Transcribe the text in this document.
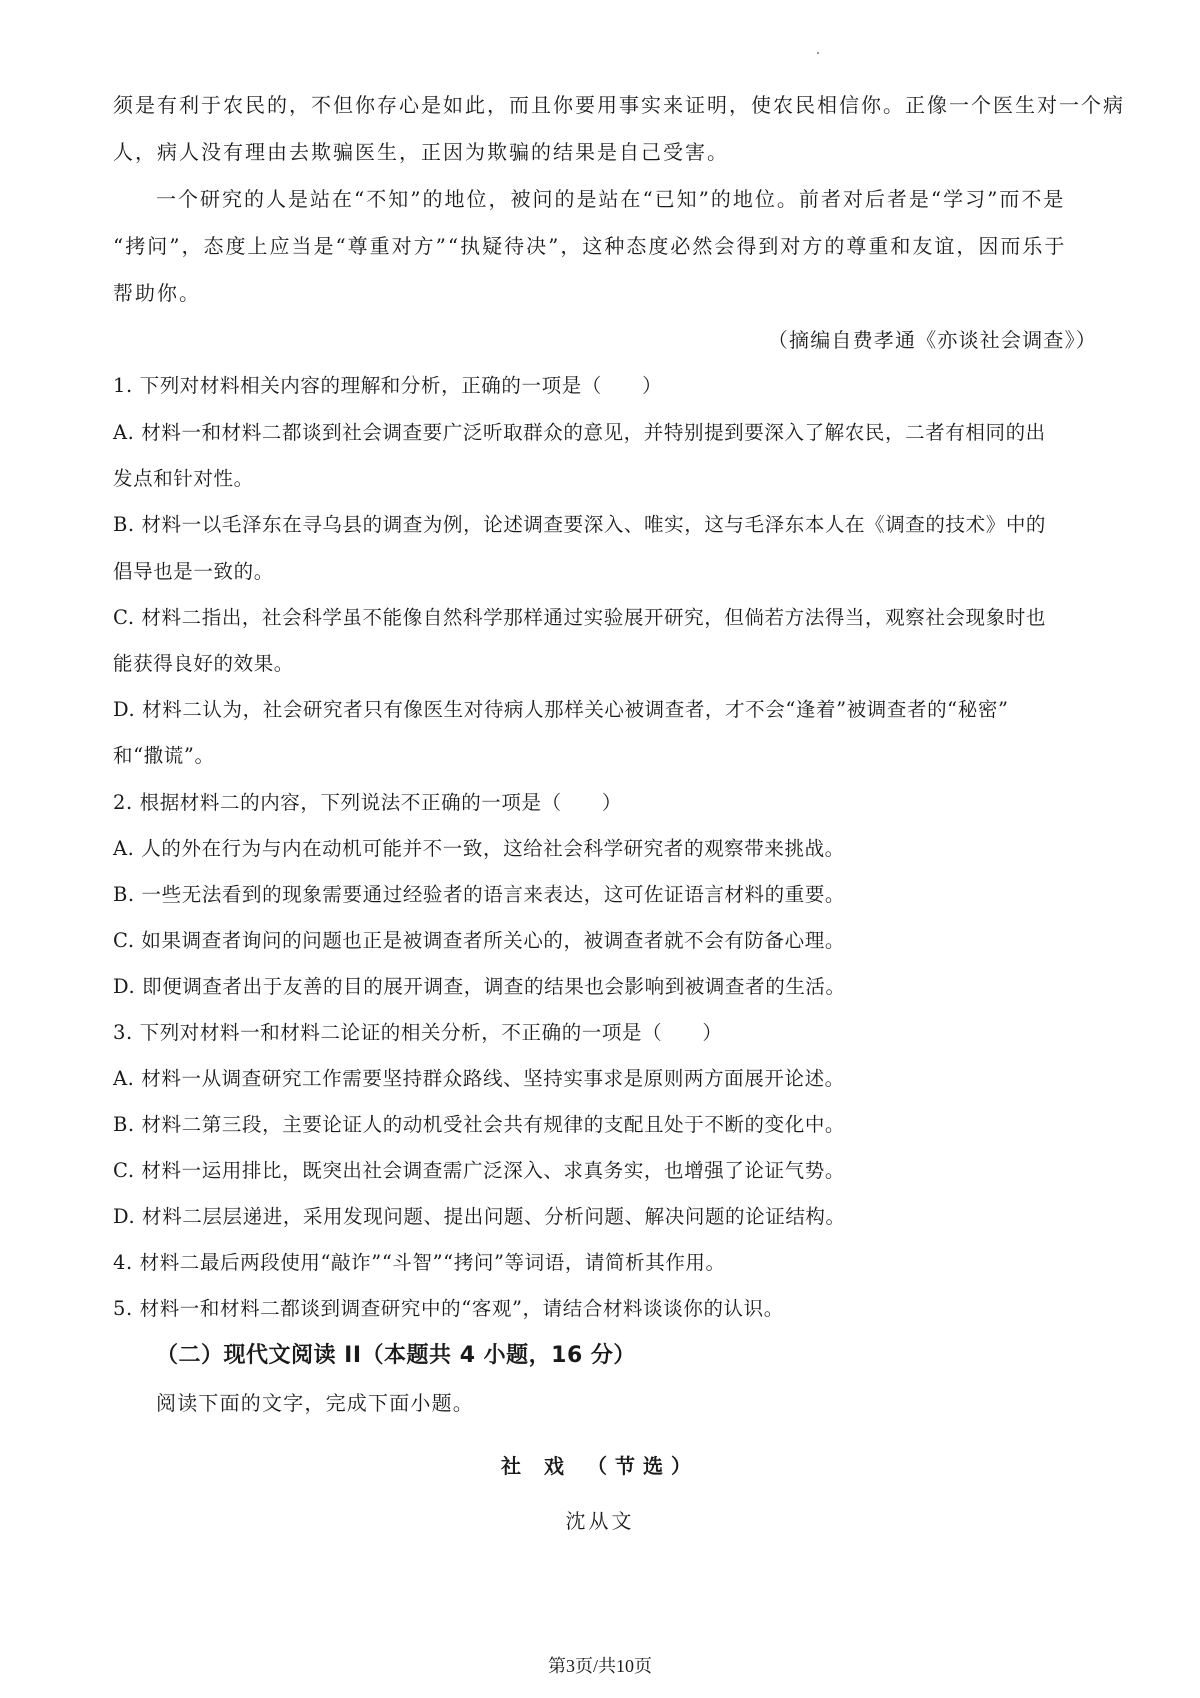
须是有利于农民的，不但你存心是如此，而且你要用事实来证明，使农民相信你。正像一个医生对一个病
人，病人没有理由去欺骗医生，正因为欺骗的结果是自己受害。
一个研究的人是站在“不知”的地位，被问的是站在“已知”的地位。前者对后者是“学习”而不是
“拷问”，态度上应当是“尊重对方”“执疑待决”，这种态度必然会得到对方的尊重和友谊，因而乐于
帮助你。
（摘编自费孝通《亦谈社会调查》）
1. 下列对材料相关内容的理解和分析，正确的一项是（　　）
A. 材料一和材料二都谈到社会调查要广泛听取群众的意见，并特别提到要深入了解农民，二者有相同的出
发点和针对性。
B. 材料一以毛泽东在寻乌县的调查为例，论述调查要深入、唯实，这与毛泽东本人在《调查的技术》中的
倡导也是一致的。
C. 材料二指出，社会科学虽不能像自然科学那样通过实验展开研究，但倘若方法得当，观察社会现象时也
能获得良好的效果。
D. 材料二认为，社会研究者只有像医生对待病人那样关心被调查者，才不会“逢着”被调查者的“秘密”
和“撒谎”。
2. 根据材料二的内容，下列说法不正确的一项是（　　）
A. 人的外在行为与内在动机可能并不一致，这给社会科学研究者的观察带来挑战。
B. 一些无法看到的现象需要通过经验者的语言来表达，这可佐证语言材料的重要。
C. 如果调查者询问的问题也正是被调查者所关心的，被调查者就不会有防备心理。
D. 即便调查者出于友善的目的展开调查，调查的结果也会影响到被调查者的生活。
3. 下列对材料一和材料二论证的相关分析，不正确的一项是（　　）
A. 材料一从调查研究工作需要坚持群众路线、坚持实事求是原则两方面展开论述。
B. 材料二第三段，主要论证人的动机受社会共有规律的支配且处于不断的变化中。
C. 材料一运用排比，既突出社会调查需广泛深入、求真务实，也增强了论证气势。
D. 材料二层层递进，采用发现问题、提出问题、分析问题、解决问题的论证结构。
4. 材料二最后两段使用“敲诈”“斗智”“拷问”等词语，请简析其作用。
5. 材料一和材料二都谈到调查研究中的“客观”，请结合材料谈谈你的认识。
（二）现代文阅读 II（本题共 4 小题，16 分）
阅读下面的文字，完成下面小题。
社 戏 （节选）
沈从文
第3页/共10页
